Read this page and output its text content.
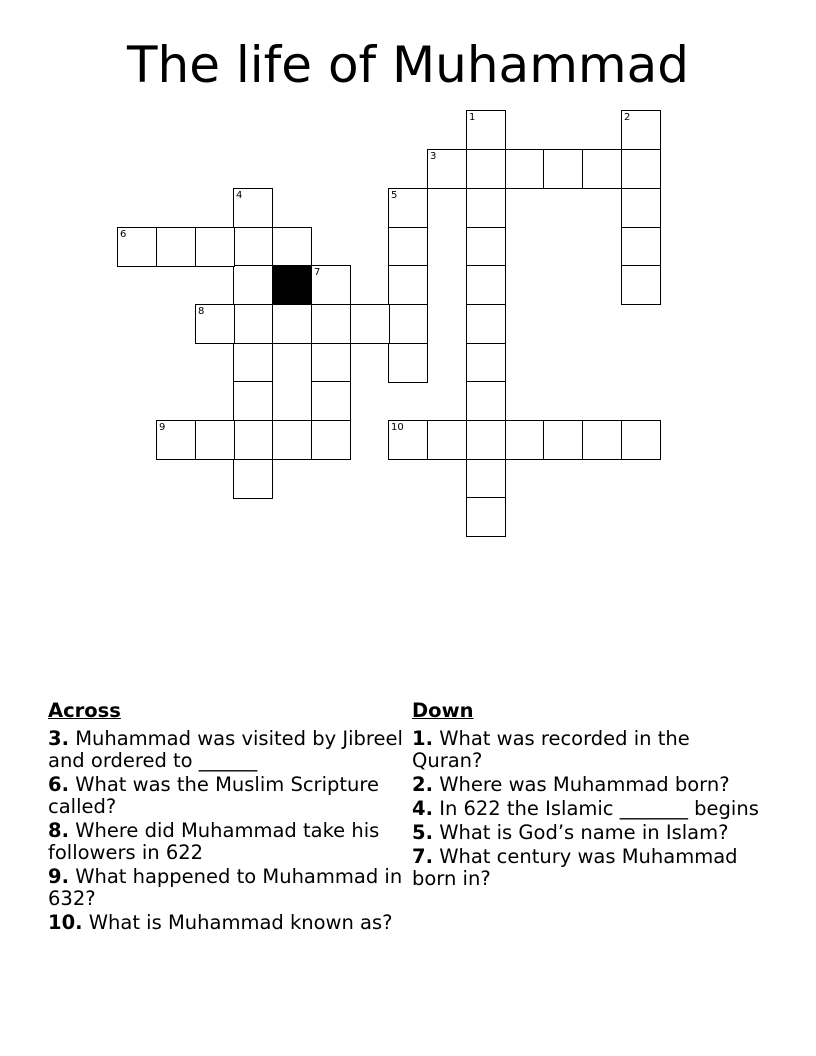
The life of Muhammad
1	2
3
4	5
6
7
8
9	10
Across
3. Muhammad was visited by Jibreel and ordered to ______
6. What was the Muslim Scripture called?
8. Where did Muhammad take his followers in 622
9. What happened to Muhammad in 632?
10. What is Muhammad known as?
Down
1. What was recorded in the Quran?
2. Where was Muhammad born?
4. In 622 the Islamic _______ begins
5. What is God’s name in Islam?
7. What century was Muhammad born in?
